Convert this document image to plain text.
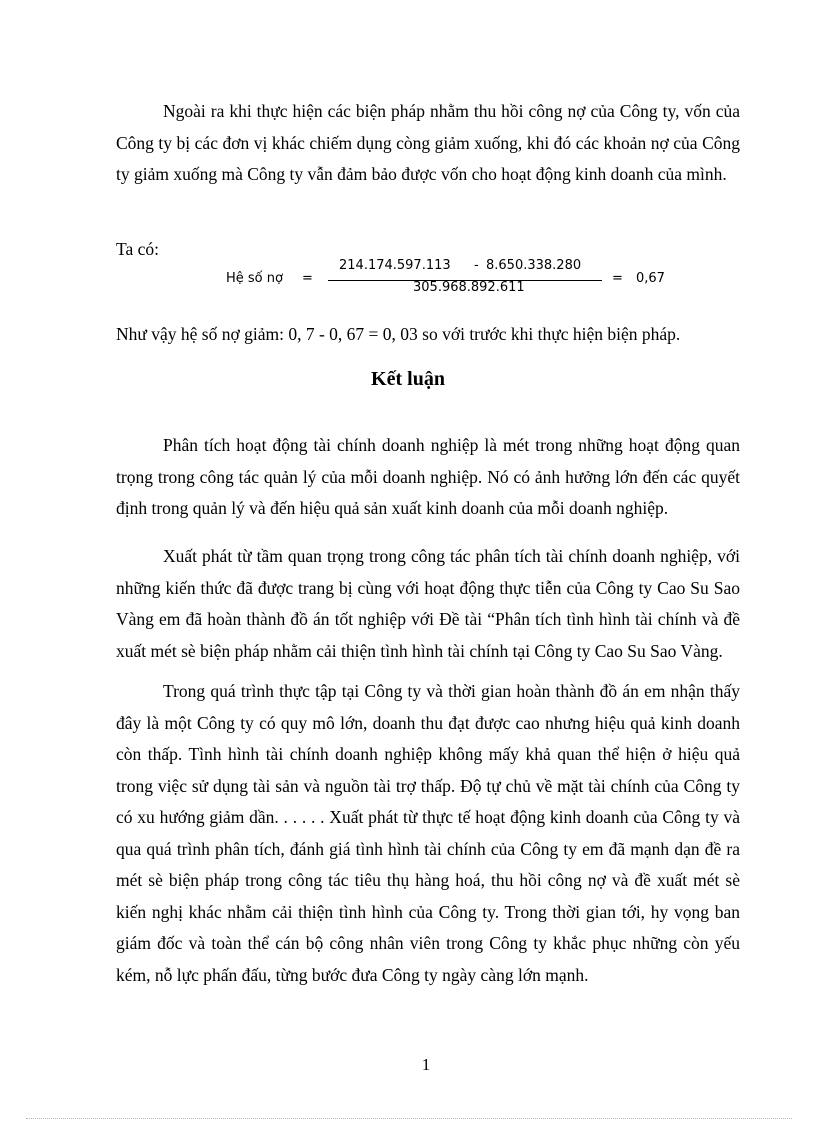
Ngoài ra khi thực hiện các biện pháp nhằm thu hồi công nợ của Công ty, vốn của Công ty bị các đơn vị khác chiếm dụng còng giảm xuống, khi đó các khoản nợ của Công ty giảm xuống mà Công ty vẫn đảm bảo được vốn cho hoạt động kinh doanh của mình.

Ta có:

Hệ số nợ =
214.174.597.113 - 8.650.338.280
305.968.892.611
= 0,67

Như vậy hệ số nợ giảm: 0, 7 - 0, 67 = 0, 03 so với trước khi thực hiện biện pháp.

Kết luận

Phân tích hoạt động tài chính doanh nghiệp là mét trong những hoạt động quan trọng trong công tác quản lý của mỗi doanh nghiệp. Nó có ảnh hưởng lớn đến các quyết định trong quản lý và đến hiệu quả sản xuất kinh doanh của mỗi doanh nghiệp.

Xuất phát từ tầm quan trọng trong công tác phân tích tài chính doanh nghiệp, với những kiến thức đã được trang bị cùng với hoạt động thực tiễn của Công ty Cao Su Sao Vàng em đã hoàn thành đồ án tốt nghiệp với Đề tài “Phân tích tình hình tài chính và đề xuất mét sè biện pháp nhằm cải thiện tình hình tài chính tại Công ty Cao Su Sao Vàng.

Trong quá trình thực tập tại Công ty và thời gian hoàn thành đồ án em nhận thấy đây là một Công ty có quy mô lớn, doanh thu đạt được cao nhưng hiệu quả kinh doanh còn thấp. Tình hình tài chính doanh nghiệp không mấy khả quan thể hiện ở hiệu quả trong việc sử dụng tài sản và nguồn tài trợ thấp. Độ tự chủ về mặt tài chính của Công ty có xu hướng giảm dần. . . . . . Xuất phát từ thực tế hoạt động kinh doanh của Công ty và qua quá trình phân tích, đánh giá tình hình tài chính của Công ty em đã mạnh dạn đề ra mét sè biện pháp trong công tác tiêu thụ hàng hoá, thu hồi công nợ và đề xuất mét sè kiến nghị khác nhằm cải thiện tình hình của Công ty. Trong thời gian tới, hy vọng ban giám đốc và toàn thể cán bộ công nhân viên trong Công ty khắc phục những còn yếu kém, nỗ lực phấn đấu, từng bước đưa Công ty ngày càng lớn mạnh.

1
